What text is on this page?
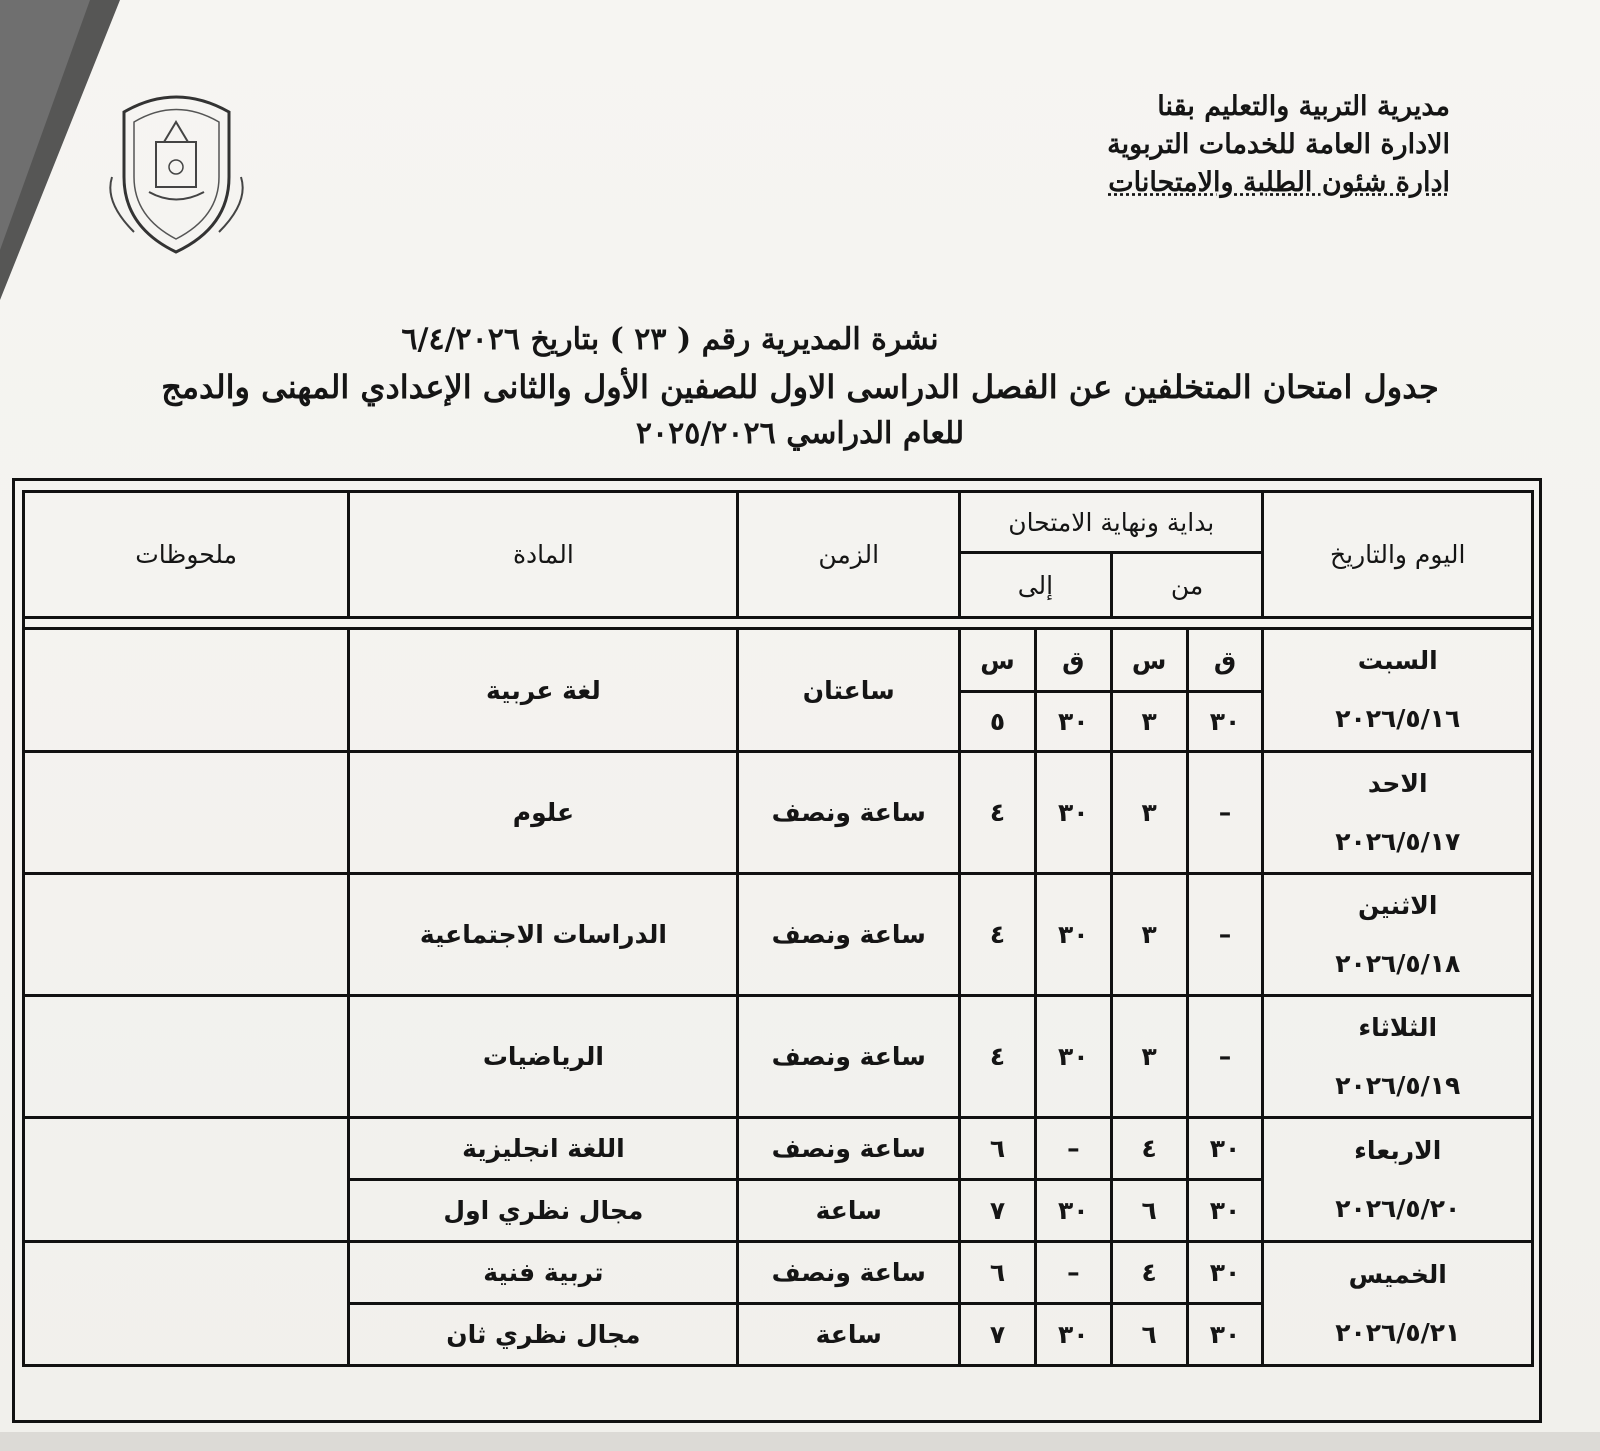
مديرية التربية والتعليم بقنا
الادارة العامة للخدمات التربوية
ادارة شئون الطلبة والامتحانات
نشرة المديرية رقم ( ٢٣ ) بتاريخ ٦/٤/٢٠٢٦
جدول امتحان المتخلفين عن الفصل الدراسى الاول للصفين الأول والثانى الإعدادي المهنى والدمج
للعام الدراسي ٢٠٢٥/٢٠٢٦
اليوم والتاريخ	بداية ونهاية الامتحان				الزمن	المادة	ملحوظات
	من		إلى				

السبت
٢٠٢٦/٥/١٦	ق	س	ق	س	ساعتان	لغة عربية	
	٣٠	٣	٣٠	٥			

الاحد
٢٠٢٦/٥/١٧	–	٣	٣٠	٤	ساعة ونصف	علوم	

الاثنين
٢٠٢٦/٥/١٨	–	٣	٣٠	٤	ساعة ونصف	الدراسات الاجتماعية	

الثلاثاء
٢٠٢٦/٥/١٩	–	٣	٣٠	٤	ساعة ونصف	الرياضيات	

الاربعاء
٢٠٢٦/٥/٢٠	٣٠	٤	–	٦	ساعة ونصف	اللغة انجليزية	
	٣٠	٦	٣٠	٧	ساعة	مجال نظري اول	

الخميس
٢٠٢٦/٥/٢١	٣٠	٤	–	٦	ساعة ونصف	تربية فنية	
	٣٠	٦	٣٠	٧	ساعة	مجال نظري ثان	
